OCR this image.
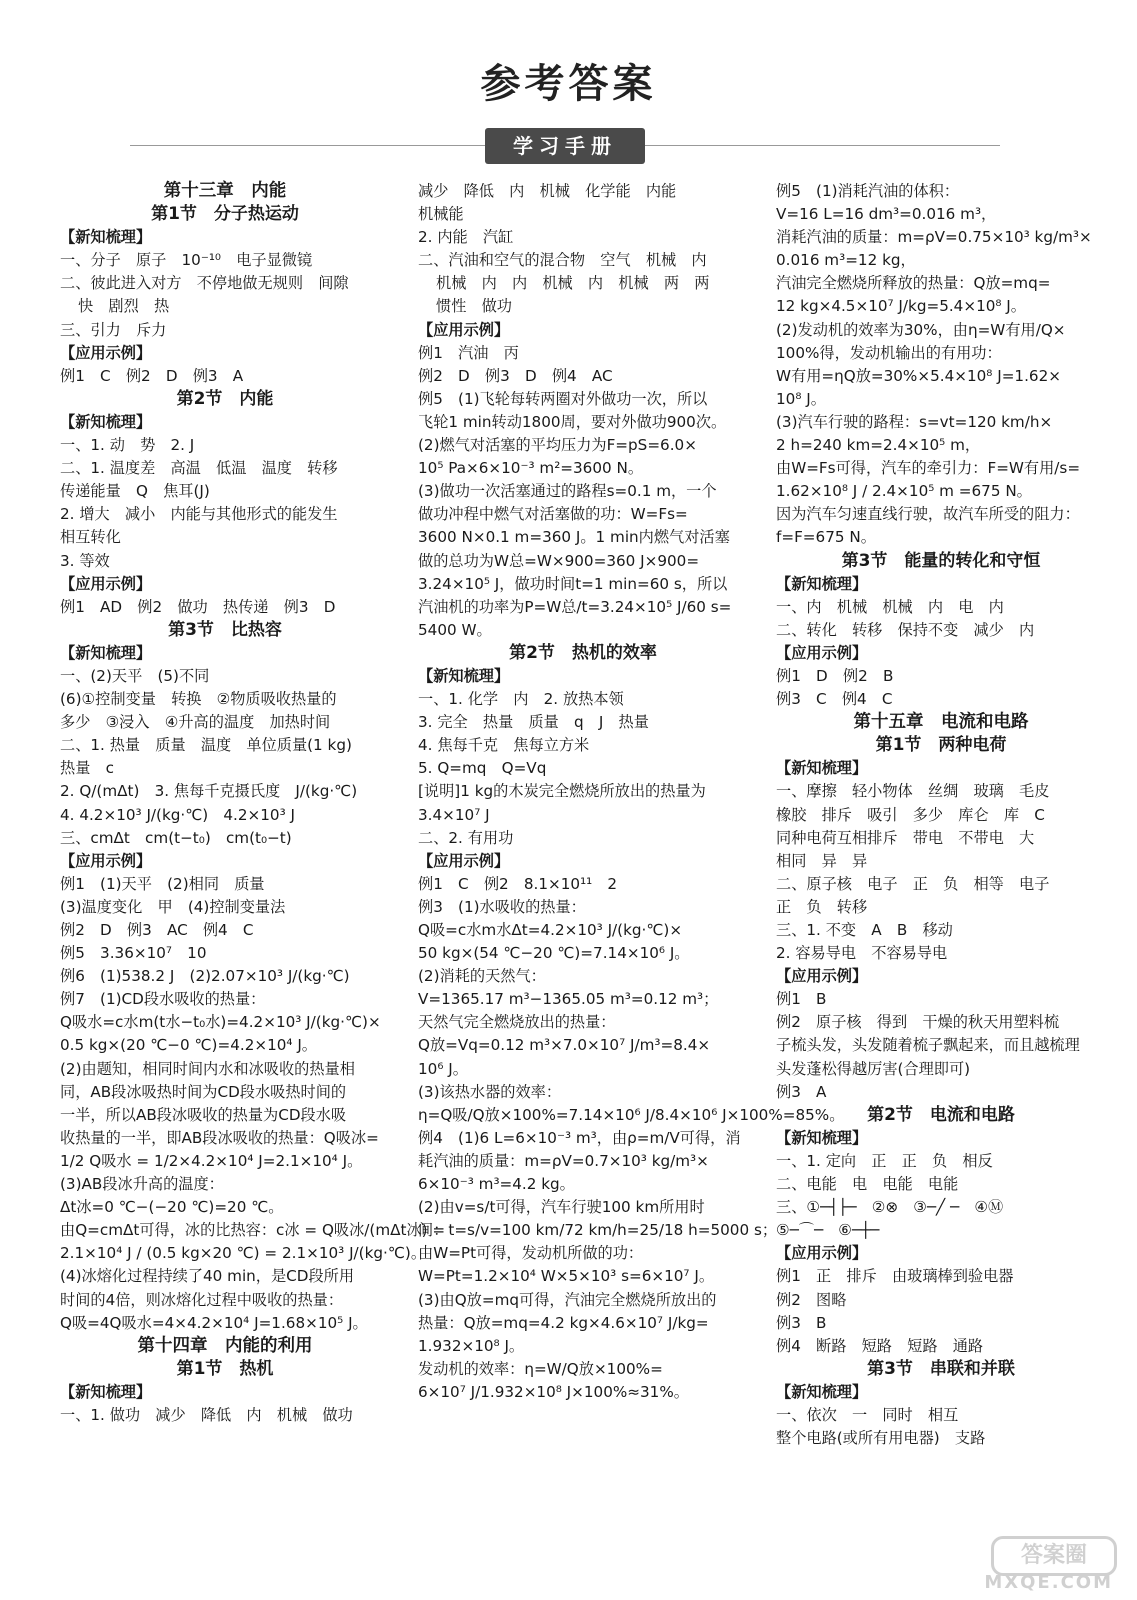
参考答案
学习手册
第十三章　内能
第1节　分子热运动
【新知梳理】
一、分子　原子　10⁻¹⁰　电子显微镜
二、彼此进入对方　不停地做无规则　间隙
快　剧烈　热
三、引力　斥力
【应用示例】
例1　C　例2　D　例3　A
第2节　内能
【新知梳理】
一、1. 动　势　2. J
二、1. 温度差　高温　低温　温度　转移
传递能量　Q　焦耳(J)
2. 增大　减小　内能与其他形式的能发生
相互转化
3. 等效
【应用示例】
例1　AD　例2　做功　热传递　例3　D
第3节　比热容
【新知梳理】
一、(2)天平　(5)不同
(6)①控制变量　转换　②物质吸收热量的
多少　③浸入　④升高的温度　加热时间
二、1. 热量　质量　温度　单位质量(1 kg)
热量　c
2. Q/(mΔt)　3. 焦每千克摄氏度　J/(kg·℃)
4. 4.2×10³ J/(kg·℃)　4.2×10³ J
三、cmΔt　cm(t−t₀)　cm(t₀−t)
【应用示例】
例1　(1)天平　(2)相同　质量
(3)温度变化　甲　(4)控制变量法
例2　D　例3　AC　例4　C
例5　3.36×10⁷　10
例6　(1)538.2 J　(2)2.07×10³ J/(kg·℃)
例7　(1)CD段水吸收的热量：
Q吸水=c水m(t水−t₀水)=4.2×10³ J/(kg·℃)×
0.5 kg×(20 ℃−0 ℃)=4.2×10⁴ J。
(2)由题知，相同时间内水和冰吸收的热量相
同，AB段冰吸热时间为CD段水吸热时间的
一半，所以AB段冰吸收的热量为CD段水吸
收热量的一半，即AB段冰吸收的热量：Q吸冰=
1/2 Q吸水 = 1/2×4.2×10⁴ J=2.1×10⁴ J。
(3)AB段冰升高的温度：
Δt冰=0 ℃−(−20 ℃)=20 ℃。
由Q=cmΔt可得，冰的比热容：c冰 = Q吸冰/(mΔt冰) =
2.1×10⁴ J / (0.5 kg×20 ℃) = 2.1×10³ J/(kg·℃)。
(4)冰熔化过程持续了40 min，是CD段所用
时间的4倍，则冰熔化过程中吸收的热量：
Q吸=4Q吸水=4×4.2×10⁴ J=1.68×10⁵ J。
第十四章　内能的利用
第1节　热机
【新知梳理】
一、1. 做功　减少　降低　内　机械　做功
减少　降低　内　机械　化学能　内能
机械能
2. 内能　汽缸
二、汽油和空气的混合物　空气　机械　内
机械　内　内　机械　内　机械　两　两
惯性　做功
【应用示例】
例1　汽油　丙
例2　D　例3　D　例4　AC
例5　(1)飞轮每转两圈对外做功一次，所以
飞轮1 min转动1800周，要对外做功900次。
(2)燃气对活塞的平均压力为F=pS=6.0×
10⁵ Pa×6×10⁻³ m²=3600 N。
(3)做功一次活塞通过的路程s=0.1 m，一个
做功冲程中燃气对活塞做的功：W=Fs=
3600 N×0.1 m=360 J。1 min内燃气对活塞
做的总功为W总=W×900=360 J×900=
3.24×10⁵ J，做功时间t=1 min=60 s，所以
汽油机的功率为P=W总/t=3.24×10⁵ J/60 s=
5400 W。
第2节　热机的效率
【新知梳理】
一、1. 化学　内　2. 放热本领
3. 完全　热量　质量　q　J　热量
4. 焦每千克　焦每立方米
5. Q=mq　Q=Vq
[说明]1 kg的木炭完全燃烧所放出的热量为
3.4×10⁷ J
二、2. 有用功
【应用示例】
例1　C　例2　8.1×10¹¹　2
例3　(1)水吸收的热量：
Q吸=c水m水Δt=4.2×10³ J/(kg·℃)×
50 kg×(54 ℃−20 ℃)=7.14×10⁶ J。
(2)消耗的天然气：
V=1365.17 m³−1365.05 m³=0.12 m³；
天然气完全燃烧放出的热量：
Q放=Vq=0.12 m³×7.0×10⁷ J/m³=8.4×
10⁶ J。
(3)该热水器的效率：
η=Q吸/Q放×100%=7.14×10⁶ J/8.4×10⁶ J×100%=85%。
例4　(1)6 L=6×10⁻³ m³，由ρ=m/V可得，消
耗汽油的质量：m=ρV=0.7×10³ kg/m³×
6×10⁻³ m³=4.2 kg。
(2)由v=s/t可得，汽车行驶100 km所用时
间：t=s/v=100 km/72 km/h=25/18 h=5000 s；
由W=Pt可得，发动机所做的功：
W=Pt=1.2×10⁴ W×5×10³ s=6×10⁷ J。
(3)由Q放=mq可得，汽油完全燃烧所放出的
热量：Q放=mq=4.2 kg×4.6×10⁷ J/kg=
1.932×10⁸ J。
发动机的效率：η=W/Q放×100%=
6×10⁷ J/1.932×10⁸ J×100%≈31%。
例5　(1)消耗汽油的体积：
V=16 L=16 dm³=0.016 m³，
消耗汽油的质量：m=ρV=0.75×10³ kg/m³×
0.016 m³=12 kg，
汽油完全燃烧所释放的热量：Q放=mq=
12 kg×4.5×10⁷ J/kg=5.4×10⁸ J。
(2)发动机的效率为30%，由η=W有用/Q×
100%得，发动机输出的有用功：
W有用=ηQ放=30%×5.4×10⁸ J=1.62×
10⁸ J。
(3)汽车行驶的路程：s=vt=120 km/h×
2 h=240 km=2.4×10⁵ m，
由W=Fs可得，汽车的牵引力：F=W有用/s=
1.62×10⁸ J / 2.4×10⁵ m =675 N。
因为汽车匀速直线行驶，故汽车所受的阻力：
f=F=675 N。
第3节　能量的转化和守恒
【新知梳理】
一、内　机械　机械　内　电　内
二、转化　转移　保持不变　减少　内
【应用示例】
例1　D　例2　B
例3　C　例4　C
第十五章　电流和电路
第1节　两种电荷
【新知梳理】
一、摩擦　轻小物体　丝绸　玻璃　毛皮
橡胶　排斥　吸引　多少　库仑　库　C
同种电荷互相排斥　带电　不带电　大
相同　异　异
二、原子核　电子　正　负　相等　电子
正　负　转移
三、1. 不变　A　B　移动
2. 容易导电　不容易导电
【应用示例】
例1　B
例2　原子核　得到　干燥的秋天用塑料梳
子梳头发，头发随着梳子飘起来，而且越梳理
头发蓬松得越厉害(合理即可)
例3　A
第2节　电流和电路
【新知梳理】
一、1. 定向　正　正　负　相反
二、电能　电　电能　电能
三、①─┤├─　②⊗　③─╱ ─　④Ⓜ
⑤─⌒─　⑥─┼─
【应用示例】
例1　正　排斥　由玻璃棒到验电器
例2　图略
例3　B
例4　断路　短路　短路　通路
第3节　串联和并联
【新知梳理】
一、依次　一　同时　相互
整个电路(或所有用电器)　支路
答案圈
MXQE.COM
